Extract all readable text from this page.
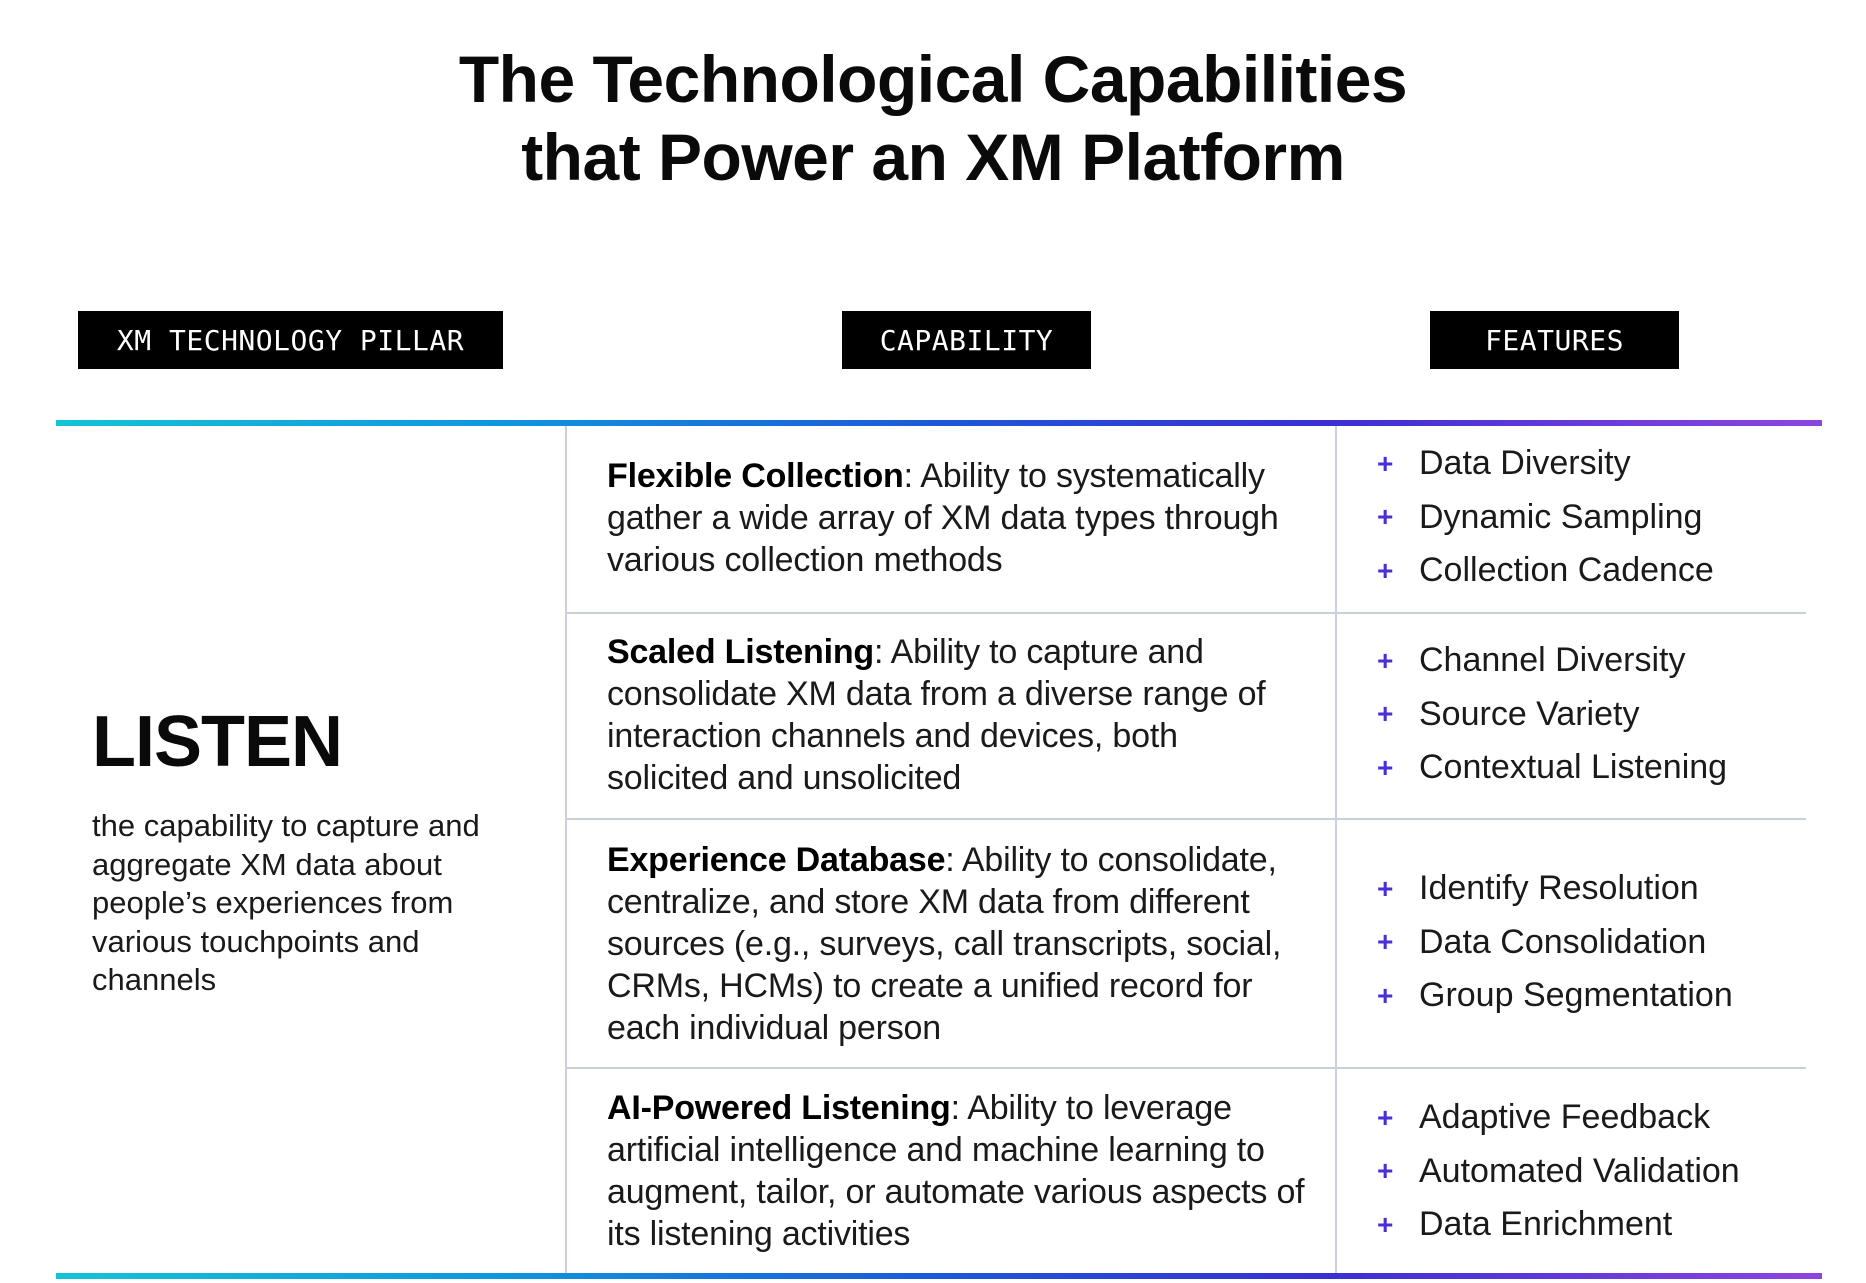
The Technological Capabilities
that Power an XM Platform
XM TECHNOLOGY PILLAR	CAPABILITY	FEATURES
LISTEN
the capability to capture and aggregate XM data about people’s experiences from various touchpoints and channels
Flexible Collection: Ability to systematically gather a wide array of XM data types through various collection methods
+ Data Diversity
+ Dynamic Sampling
+ Collection Cadence
Scaled Listening: Ability to capture and consolidate XM data from a diverse range of interaction channels and devices, both solicited and unsolicited
+ Channel Diversity
+ Source Variety
+ Contextual Listening
Experience Database: Ability to consolidate, centralize, and store XM data from different sources (e.g., surveys, call transcripts, social, CRMs, HCMs) to create a unified record for each individual person
+ Identify Resolution
+ Data Consolidation
+ Group Segmentation
AI-Powered Listening: Ability to leverage artificial intelligence and machine learning to augment, tailor, or automate various aspects of its listening activities
+ Adaptive Feedback
+ Automated Validation
+ Data Enrichment
